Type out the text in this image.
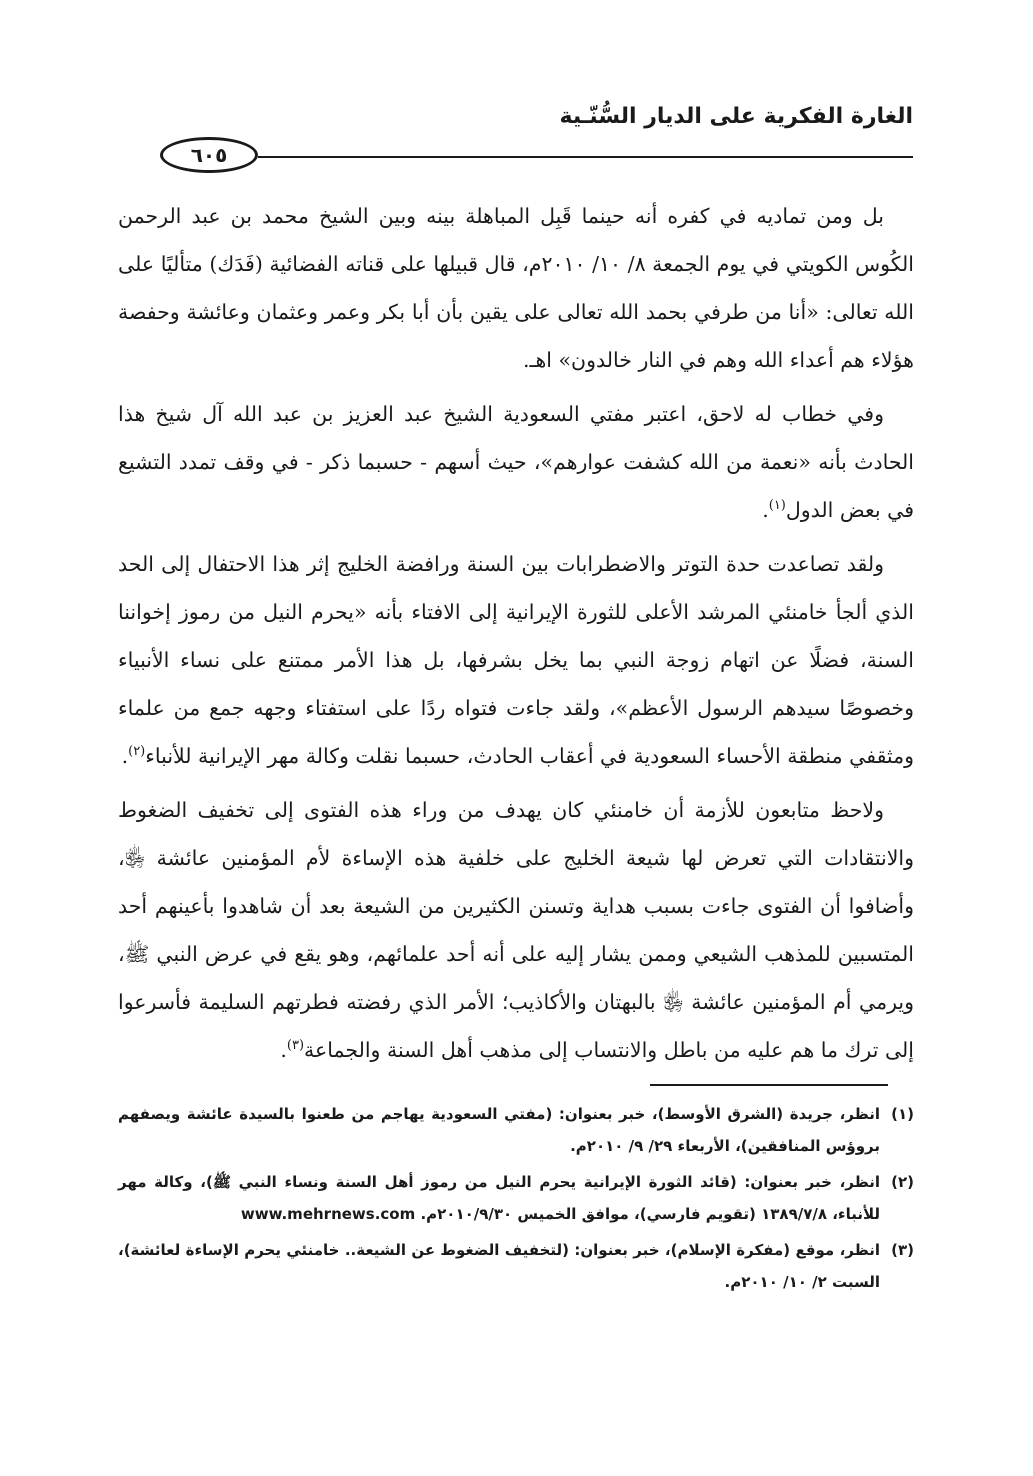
الغارة الفكرية على الديار السُّنّـية
٦٠٥

بل ومن تماديه في كفره أنه حينما قَبِل المباهلة بينه وبين الشيخ محمد بن عبد الرحمن الكُوس الكويتي في يوم الجمعة ٨/ ١٠/ ٢٠١٠م، قال قبيلها على قناته الفضائية (فَدَك) متأليًا على الله تعالى: «أنا من طرفي بحمد الله تعالى على يقين بأن أبا بكر وعمر وعثمان وعائشة وحفصة هؤلاء هم أعداء الله وهم في النار خالدون» اهـ.

وفي خطاب له لاحق، اعتبر مفتي السعودية الشيخ عبد العزيز بن عبد الله آل شيخ هذا الحادث بأنه «نعمة من الله كشفت عوارهم»، حيث أسهم - حسبما ذكر - في وقف تمدد التشيع في بعض الدول$^{(١)}$.

ولقد تصاعدت حدة التوتر والاضطرابات بين السنة ورافضة الخليج إثر هذا الاحتفال إلى الحد الذي ألجأ خامنئي المرشد الأعلى للثورة الإيرانية إلى الافتاء بأنه «يحرم النيل من رموز إخواننا السنة، فضلًا عن اتهام زوجة النبي بما يخل بشرفها، بل هذا الأمر ممتنع على نساء الأنبياء وخصوصًا سيدهم الرسول الأعظم»، ولقد جاءت فتواه ردًا على استفتاء وجهه جمع من علماء ومثقفي منطقة الأحساء السعودية في أعقاب الحادث، حسبما نقلت وكالة مهر الإيرانية للأنباء$^{(٢)}$.

ولاحظ متابعون للأزمة أن خامنئي كان يهدف من وراء هذه الفتوى إلى تخفيف الضغوط والانتقادات التي تعرض لها شيعة الخليج على خلفية هذه الإساءة لأم المؤمنين عائشة ﵂، وأضافوا أن الفتوى جاءت بسبب هداية وتسنن الكثيرين من الشيعة بعد أن شاهدوا بأعينهم أحد المتسبين للمذهب الشيعي وممن يشار إليه على أنه أحد علمائهم، وهو يقع في عرض النبي ﷺ، ويرمي أم المؤمنين عائشة ﵂ بالبهتان والأكاذيب؛ الأمر الذي رفضته فطرتهم السليمة فأسرعوا إلى ترك ما هم عليه من باطل والانتساب إلى مذهب أهل السنة والجماعة$^{(٣)}$.

(١)
انظر، جريدة (الشرق الأوسط)، خبر بعنوان: (مفتي السعودية يهاجم من طعنوا بالسيدة عائشة ويصفهم بروؤس المنافقين)، الأربعاء ٢٩/ ٩/ ٢٠١٠م.
(٢)
انظر، خبر بعنوان: (قائد الثورة الإيرانية يحرم النيل من رموز أهل السنة ونساء النبي ﷺ)، وكالة مهر للأنباء، ١٣٨٩/٧/٨ (تقويم فارسي)، موافق الخميس ٢٠١٠/٩/٣٠م. www.mehrnews.com
(٣)
انظر، موقع (مفكرة الإسلام)، خبر بعنوان: (لتخفيف الضغوط عن الشيعة.. خامنئي يحرم الإساءة لعائشة)، السبت ٢/ ١٠/ ٢٠١٠م.
